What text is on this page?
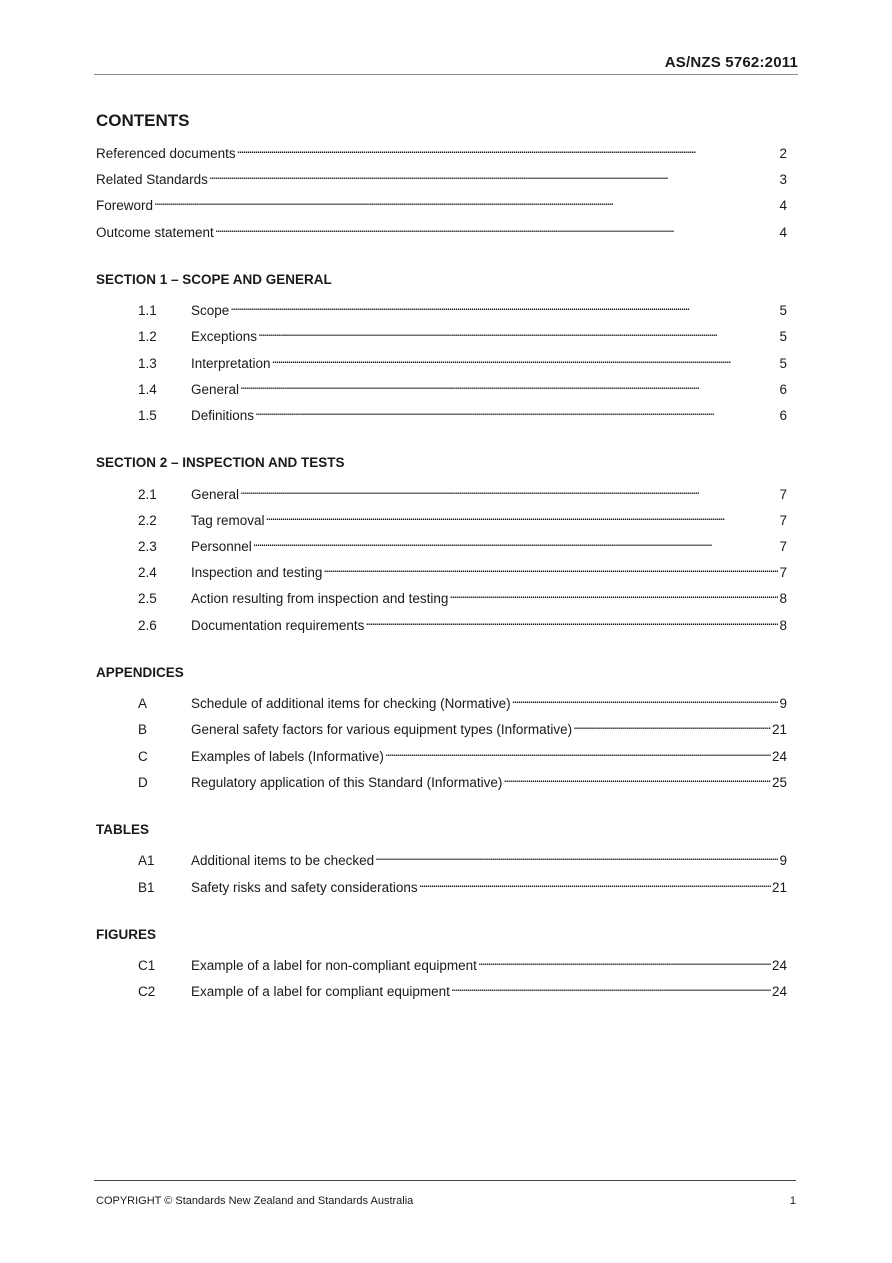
AS/NZS 5762:2011
CONTENTS
Referenced documents . . .	2
Related Standards . . .	3
Foreword . . .	4
Outcome statement . . .	4
SECTION 1 – SCOPE AND GENERAL
1.1	Scope . . .	5
1.2	Exceptions . . .	5
1.3	Interpretation . . .	5
1.4	General . . .	6
1.5	Definitions . . .	6
SECTION 2 – INSPECTION AND TESTS
2.1	General . . .	7
2.2	Tag removal . . .	7
2.3	Personnel . . .	7
2.4	Inspection and testing . . .	7
2.5	Action resulting from inspection and testing . . .	8
2.6	Documentation requirements . . .	8
APPENDICES
A	Schedule of additional items for checking (Normative) . . .	9
B	General safety factors for various equipment types (Informative) . . .	21
C	Examples of labels (Informative) . . .	24
D	Regulatory application of this Standard (Informative) . . .	25
TABLES
A1	Additional items to be checked . . .	9
B1	Safety risks and safety considerations . . .	21
FIGURES
C1	Example of a label for non-compliant equipment . . .	24
C2	Example of a label for compliant equipment . . .	24
COPYRIGHT © Standards New Zealand and Standards Australia	1
